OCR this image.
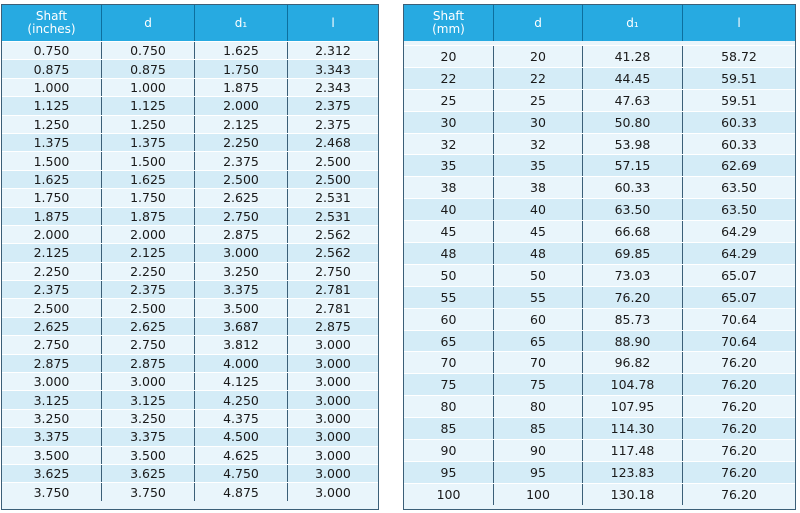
Shaft
(inches)	d	d₁	l
0.750	0.750	1.625	2.312
0.875	0.875	1.750	3.343
1.000	1.000	1.875	2.343
1.125	1.125	2.000	2.375
1.250	1.250	2.125	2.375
1.375	1.375	2.250	2.468
1.500	1.500	2.375	2.500
1.625	1.625	2.500	2.500
1.750	1.750	2.625	2.531
1.875	1.875	2.750	2.531
2.000	2.000	2.875	2.562
2.125	2.125	3.000	2.562
2.250	2.250	3.250	2.750
2.375	2.375	3.375	2.781
2.500	2.500	3.500	2.781
2.625	2.625	3.687	2.875
2.750	2.750	3.812	3.000
2.875	2.875	4.000	3.000
3.000	3.000	4.125	3.000
3.125	3.125	4.250	3.000
3.250	3.250	4.375	3.000
3.375	3.375	4.500	3.000
3.500	3.500	4.625	3.000
3.625	3.625	4.750	3.000
3.750	3.750	4.875	3.000
Shaft
(mm)	d	d₁	l
20	20	41.28	58.72
22	22	44.45	59.51
25	25	47.63	59.51
30	30	50.80	60.33
32	32	53.98	60.33
35	35	57.15	62.69
38	38	60.33	63.50
40	40	63.50	63.50
45	45	66.68	64.29
48	48	69.85	64.29
50	50	73.03	65.07
55	55	76.20	65.07
60	60	85.73	70.64
65	65	88.90	70.64
70	70	96.82	76.20
75	75	104.78	76.20
80	80	107.95	76.20
85	85	114.30	76.20
90	90	117.48	76.20
95	95	123.83	76.20
100	100	130.18	76.20
